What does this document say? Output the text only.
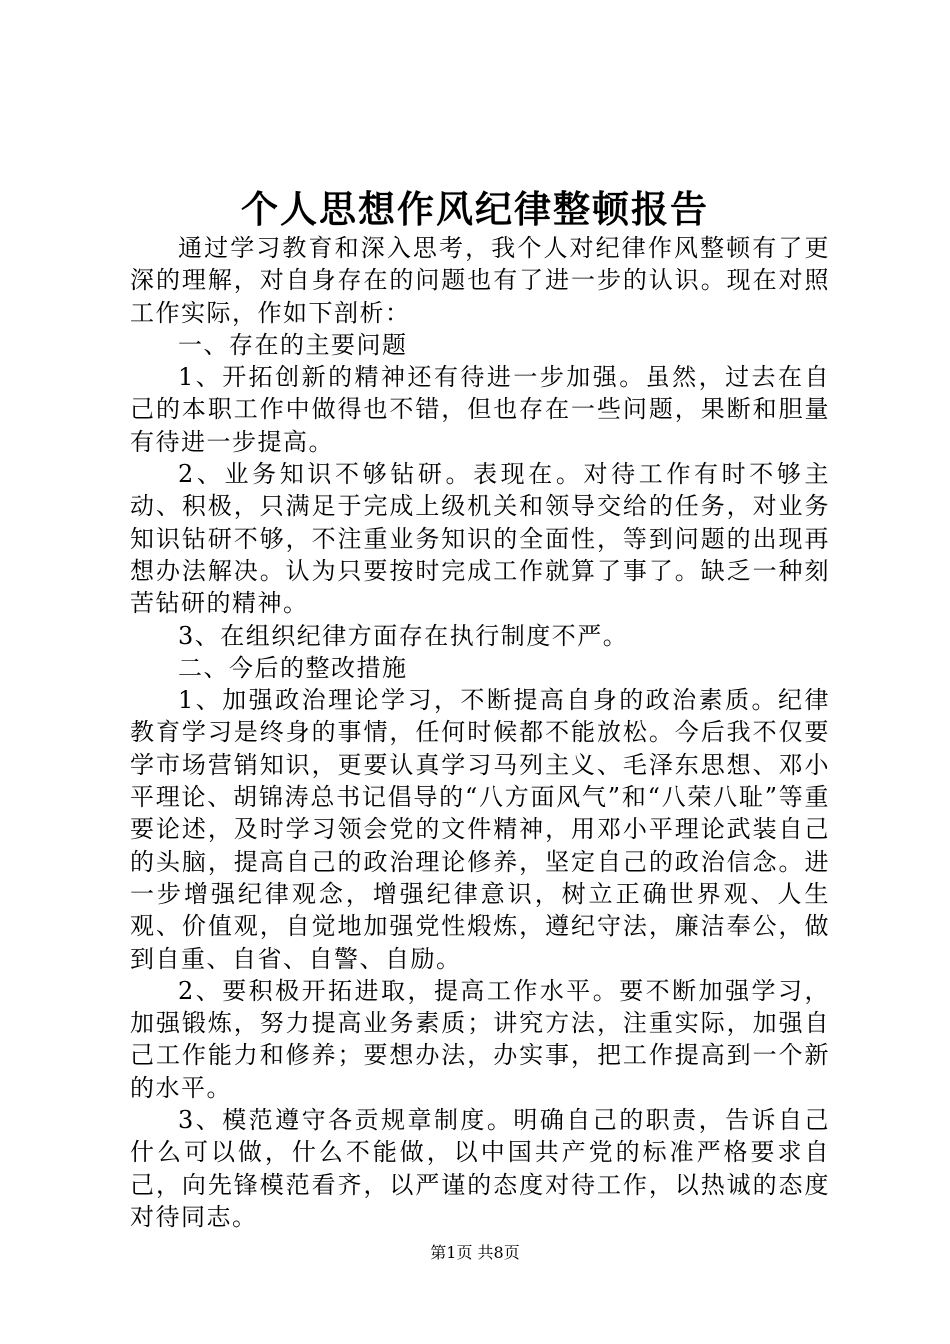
个人思想作风纪律整顿报告

通过学习教育和深入思考，我个人对纪律作风整顿有了更深的理解，对自身存在的问题也有了进一步的认识。现在对照工作实际，作如下剖析：

一、存在的主要问题

1、开拓创新的精神还有待进一步加强。虽然，过去在自己的本职工作中做得也不错，但也存在一些问题，果断和胆量有待进一步提高。

2、业务知识不够钻研。表现在。对待工作有时不够主动、积极，只满足于完成上级机关和领导交给的任务，对业务知识钻研不够，不注重业务知识的全面性，等到问题的出现再想办法解决。认为只要按时完成工作就算了事了。缺乏一种刻苦钻研的精神。

3、在组织纪律方面存在执行制度不严。

二、今后的整改措施

1、加强政治理论学习，不断提高自身的政治素质。纪律教育学习是终身的事情，任何时候都不能放松。今后我不仅要学市场营销知识，更要认真学习马列主义、毛泽东思想、邓小平理论、胡锦涛总书记倡导的“八方面风气”和“八荣八耻”等重要论述，及时学习领会党的文件精神，用邓小平理论武装自己的头脑，提高自己的政治理论修养，坚定自己的政治信念。进一步增强纪律观念，增强纪律意识，树立正确世界观、人生观、价值观，自觉地加强党性煅炼，遵纪守法，廉洁奉公，做到自重、自省、自警、自励。

2、要积极开拓进取，提高工作水平。要不断加强学习，加强锻炼，努力提高业务素质；讲究方法，注重实际，加强自己工作能力和修养；要想办法，办实事，把工作提高到一个新的水平。

3、模范遵守各贡规章制度。明确自己的职责，告诉自己什么可以做，什么不能做，以中国共产党的标准严格要求自己，向先锋模范看齐，以严谨的态度对待工作，以热诚的态度对待同志。

第1页 共8页
